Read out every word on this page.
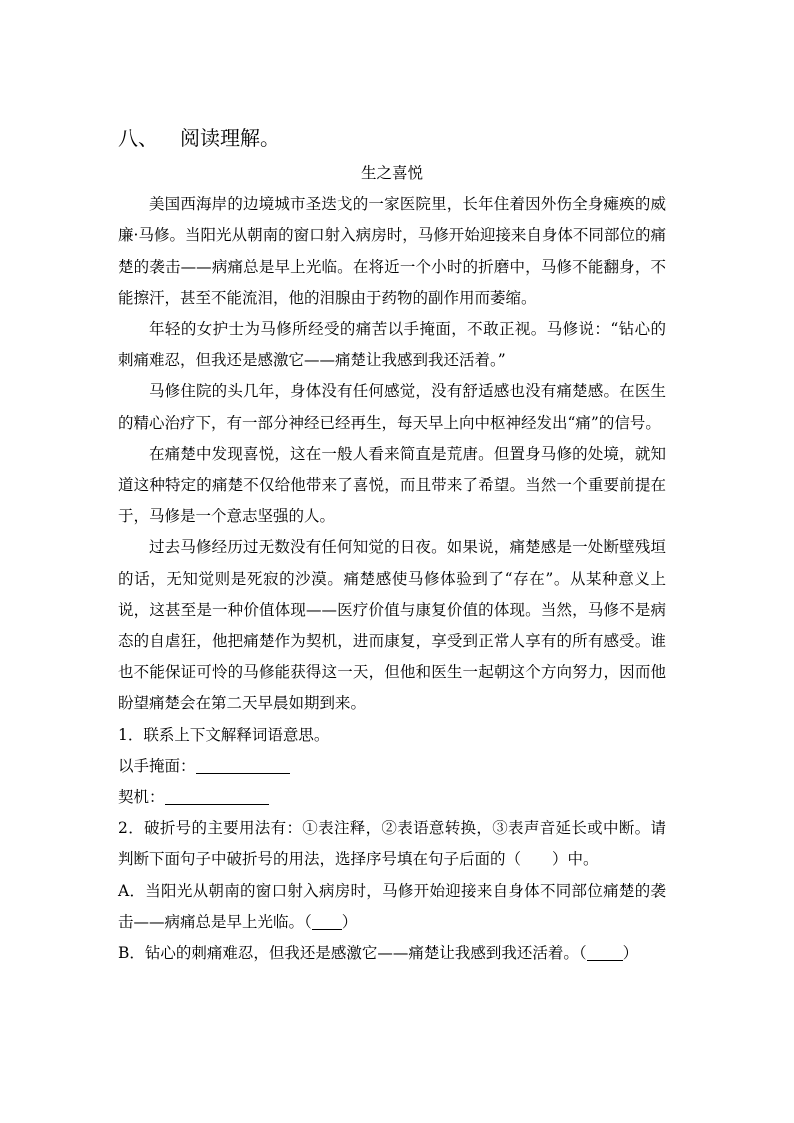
八、 阅读理解。

生之喜悦

美国西海岸的边境城市圣迭戈的一家医院里，长年住着因外伤全身瘫痪的威廉·马修。当阳光从朝南的窗口射入病房时，马修开始迎接来自身体不同部位的痛楚的袭击——病痛总是早上光临。在将近一个小时的折磨中，马修不能翻身，不能擦汗，甚至不能流泪，他的泪腺由于药物的副作用而萎缩。

年轻的女护士为马修所经受的痛苦以手掩面，不敢正视。马修说：“钻心的刺痛难忍，但我还是感激它——痛楚让我感到我还活着。”

马修住院的头几年，身体没有任何感觉，没有舒适感也没有痛楚感。在医生的精心治疗下，有一部分神经已经再生，每天早上向中枢神经发出“痛”的信号。

在痛楚中发现喜悦，这在一般人看来简直是荒唐。但置身马修的处境，就知道这种特定的痛楚不仅给他带来了喜悦，而且带来了希望。当然一个重要前提在于，马修是一个意志坚强的人。

过去马修经历过无数没有任何知觉的日夜。如果说，痛楚感是一处断壁残垣的话，无知觉则是死寂的沙漠。痛楚感使马修体验到了“存在”。从某种意义上说，这甚至是一种价值体现——医疗价值与康复价值的体现。当然，马修不是病态的自虐狂，他把痛楚作为契机，进而康复，享受到正常人享有的所有感受。谁也不能保证可怜的马修能获得这一天，但他和医生一起朝这个方向努力，因而他盼望痛楚会在第二天早晨如期到来。

1．联系上下文解释词语意思。

以手掩面：

契机：

2．破折号的主要用法有：①表注释，②表语意转换，③表声音延长或中断。请判断下面句子中破折号的用法，选择序号填在句子后面的（　　）中。

A．当阳光从朝南的窗口射入病房时，马修开始迎接来自身体不同部位痛楚的袭击——病痛总是早上光临。（ ）

B．钻心的刺痛难忍，但我还是感激它——痛楚让我感到我还活着。（ ）
